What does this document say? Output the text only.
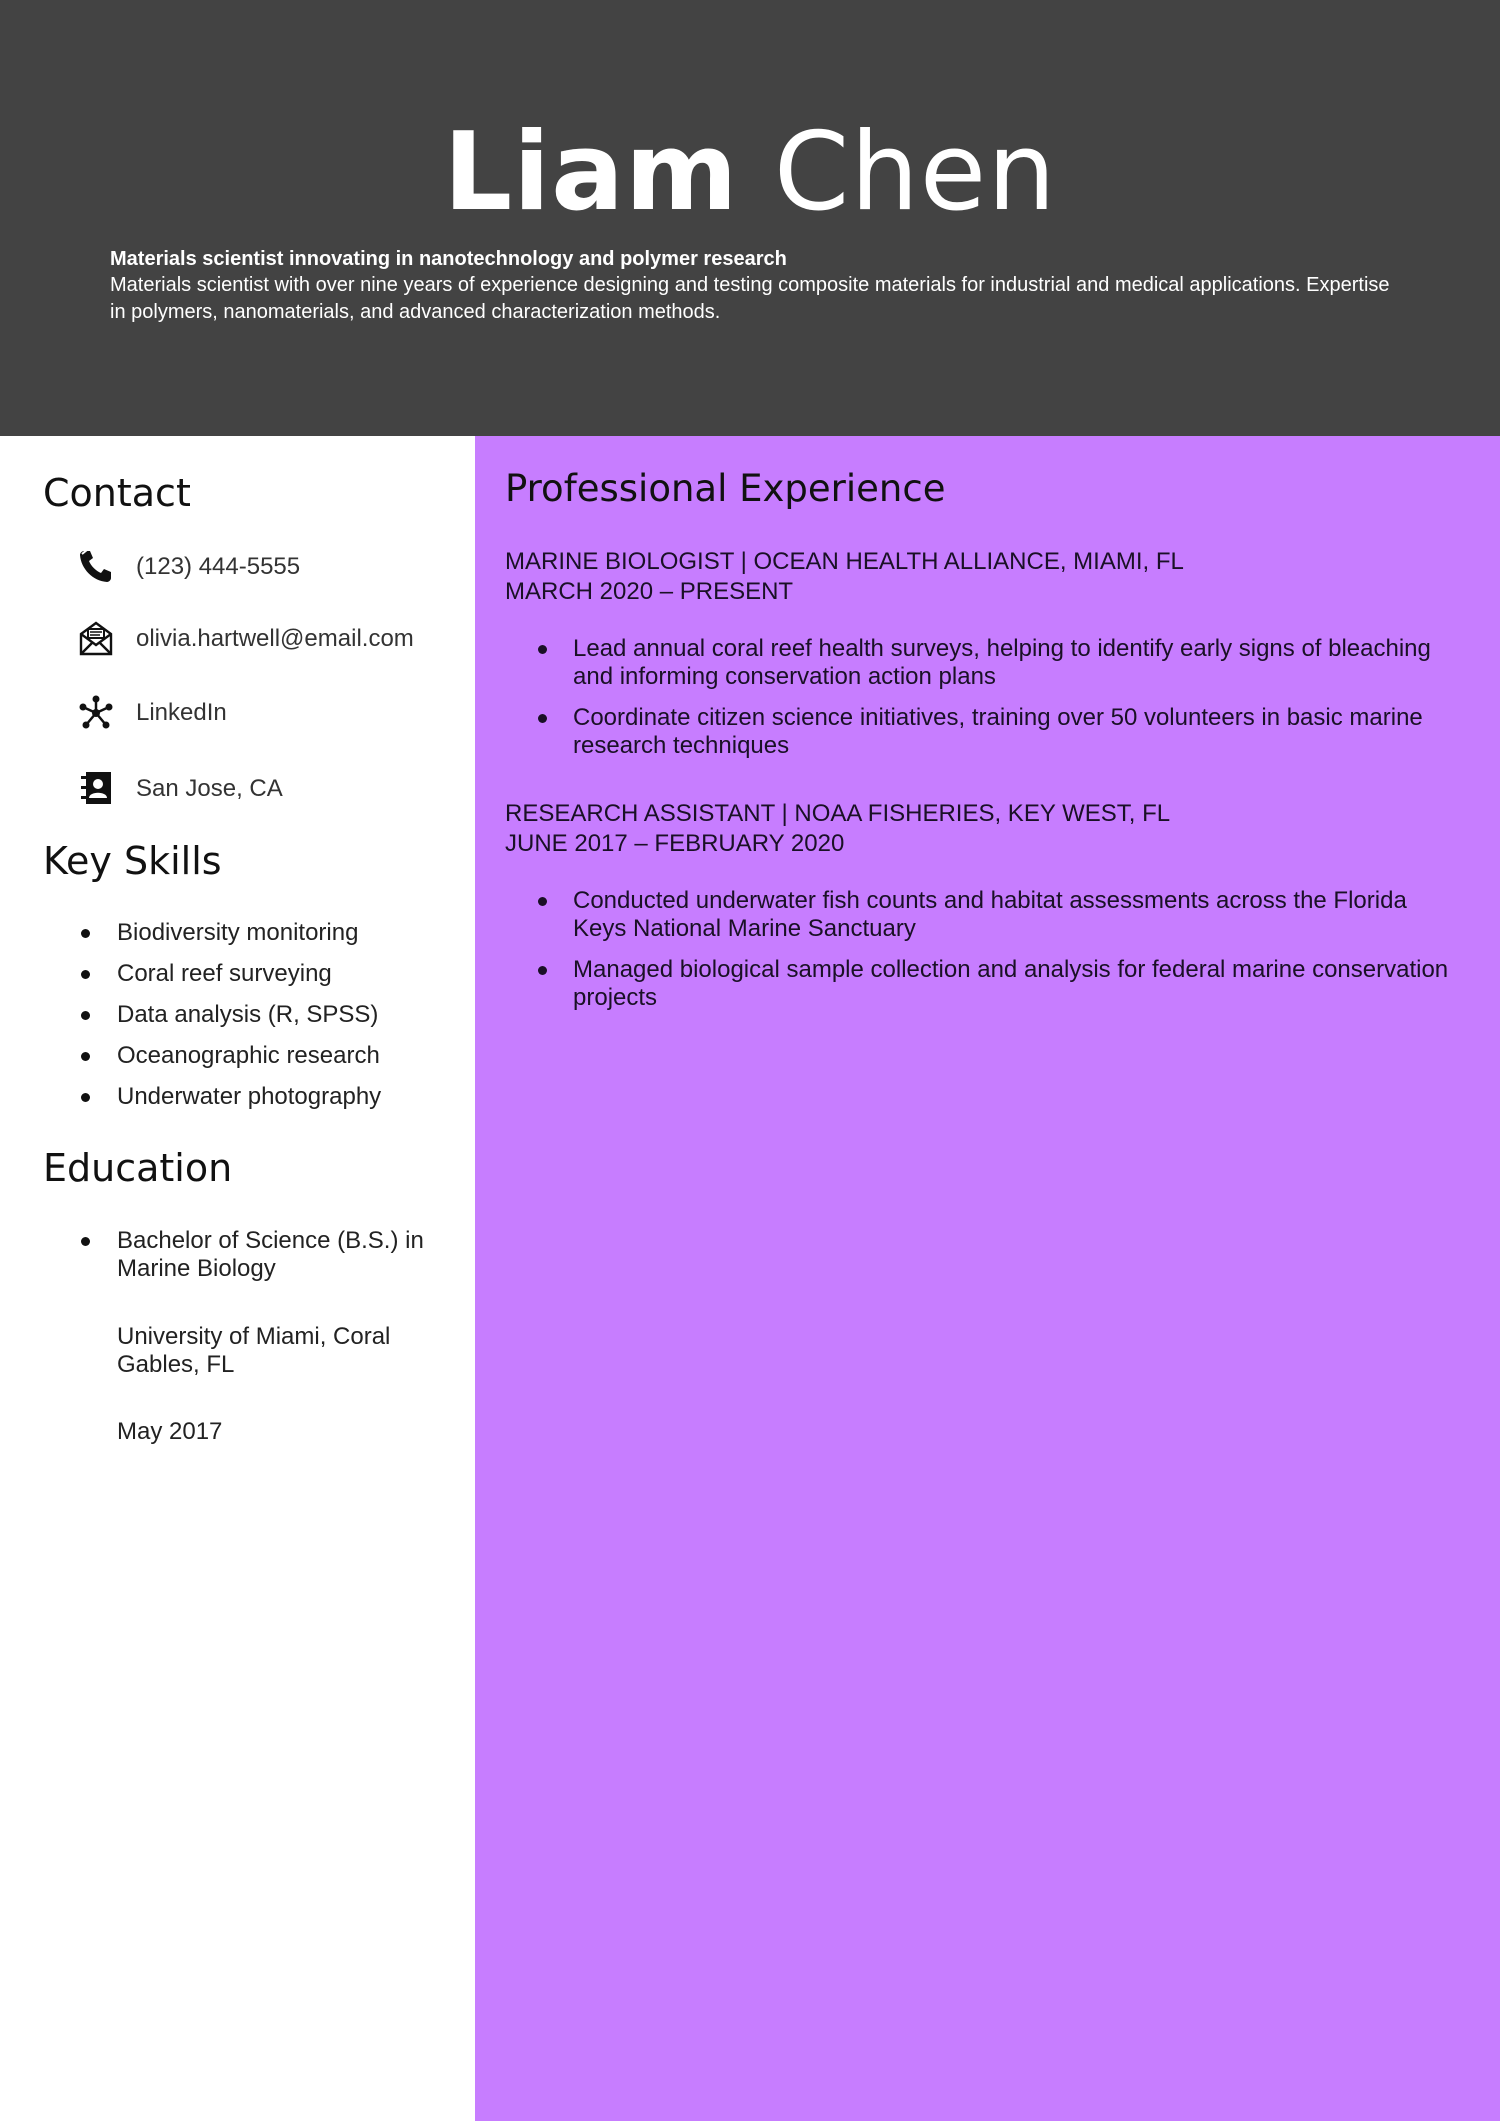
Liam Chen
Materials scientist innovating in nanotechnology and polymer research
Materials scientist with over nine years of experience designing and testing composite materials for industrial and medical applications. Expertise in polymers, nanomaterials, and advanced characterization methods.
Contact
(123) 444-5555
olivia.hartwell@email.com
LinkedIn
San Jose, CA
Key Skills
Biodiversity monitoring
Coral reef surveying
Data analysis (R, SPSS)
Oceanographic research
Underwater photography
Education
Bachelor of Science (B.S.) in Marine Biology
University of Miami, Coral Gables, FL
May 2017
Professional Experience
MARINE BIOLOGIST | OCEAN HEALTH ALLIANCE, MIAMI, FL
MARCH 2020 – PRESENT
Lead annual coral reef health surveys, helping to identify early signs of bleaching and informing conservation action plans
Coordinate citizen science initiatives, training over 50 volunteers in basic marine research techniques
RESEARCH ASSISTANT | NOAA FISHERIES, KEY WEST, FL
JUNE 2017 – FEBRUARY 2020
Conducted underwater fish counts and habitat assessments across the Florida Keys National Marine Sanctuary
Managed biological sample collection and analysis for federal marine conservation projects
